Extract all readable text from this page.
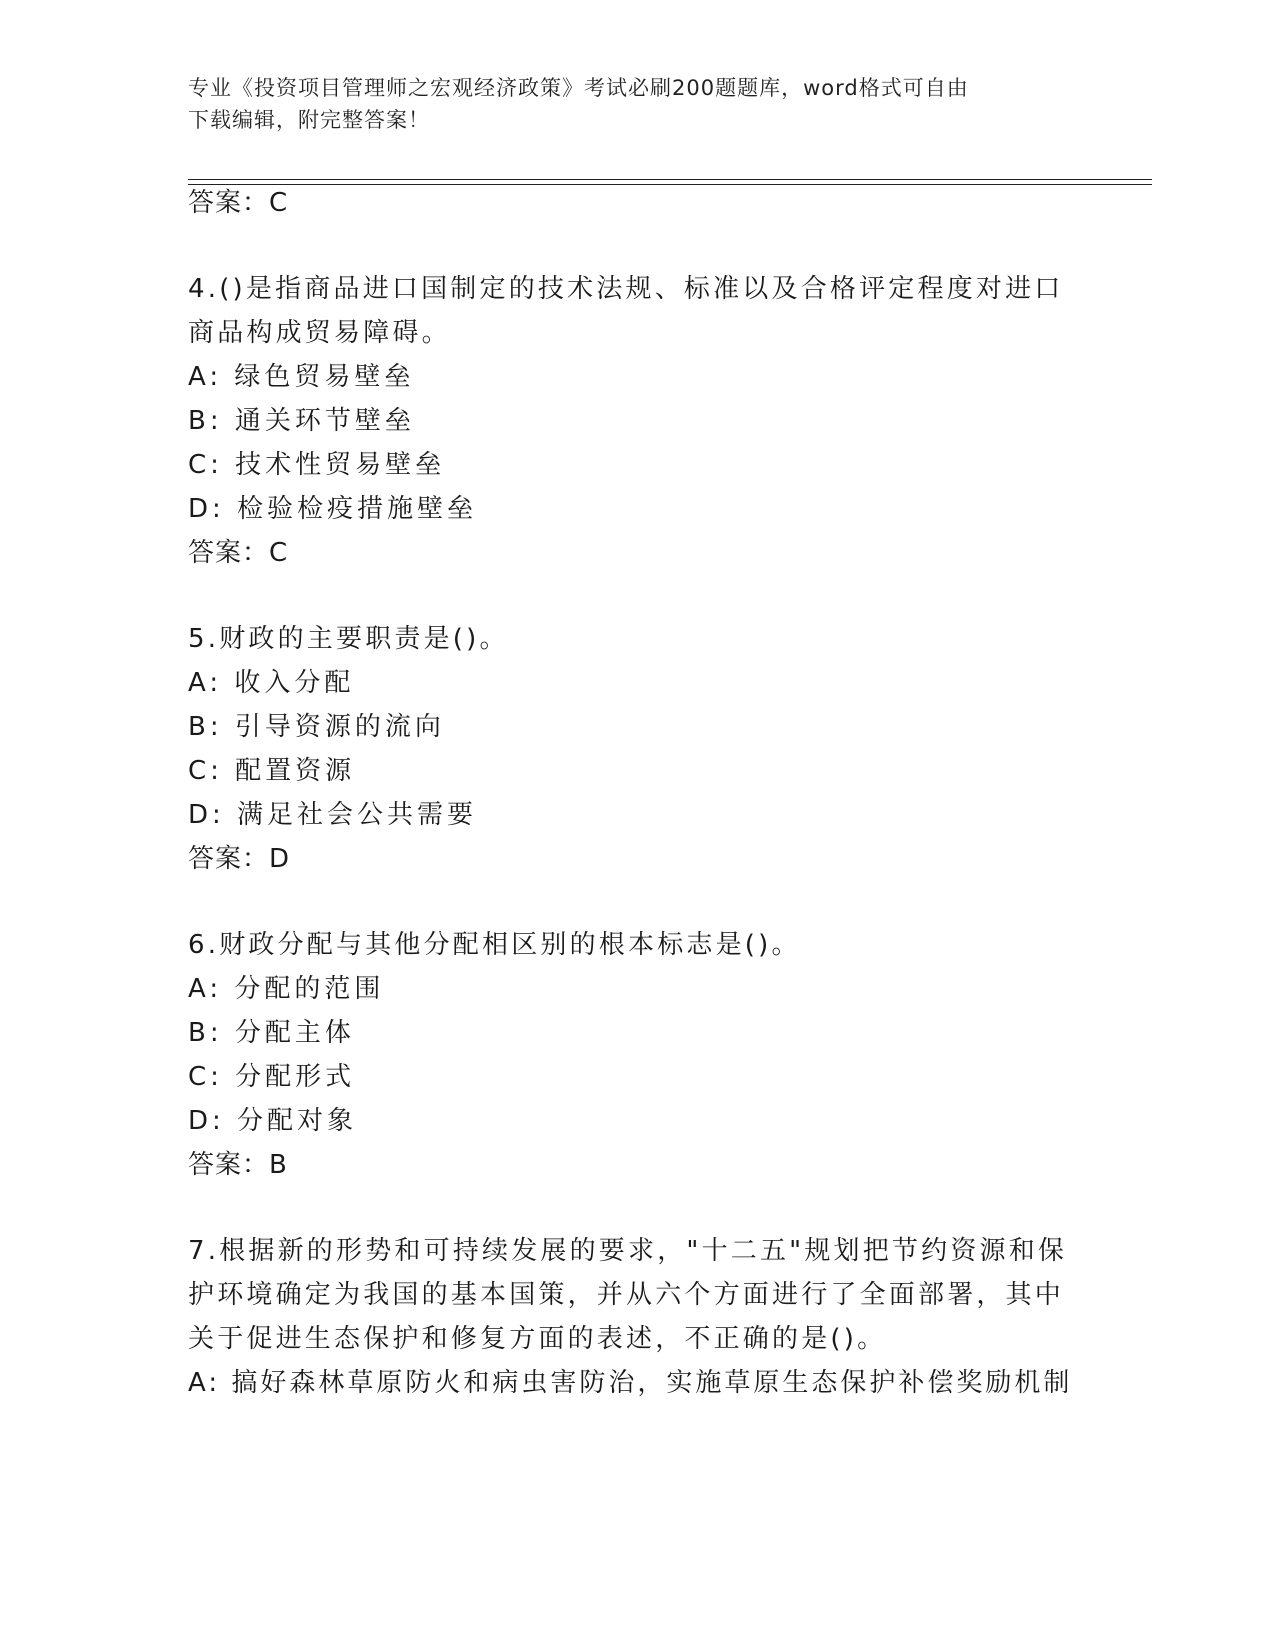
专业《投资项目管理师之宏观经济政策》考试必刷200题题库，word格式可自由
下载编辑，附完整答案！
答案：C
4.()是指商品进口国制定的技术法规、标准以及合格评定程度对进口
商品构成贸易障碍。
A: 绿色贸易壁垒
B: 通关环节壁垒
C: 技术性贸易壁垒
D: 检验检疫措施壁垒
答案：C
5.财政的主要职责是()。
A: 收入分配
B: 引导资源的流向
C: 配置资源
D: 满足社会公共需要
答案：D
6.财政分配与其他分配相区别的根本标志是()。
A: 分配的范围
B: 分配主体
C: 分配形式
D: 分配对象
答案：B
7.根据新的形势和可持续发展的要求，"十二五"规划把节约资源和保
护环境确定为我国的基本国策，并从六个方面进行了全面部署，其中
关于促进生态保护和修复方面的表述，不正确的是()。
A: 搞好森林草原防火和病虫害防治，实施草原生态保护补偿奖励机制
